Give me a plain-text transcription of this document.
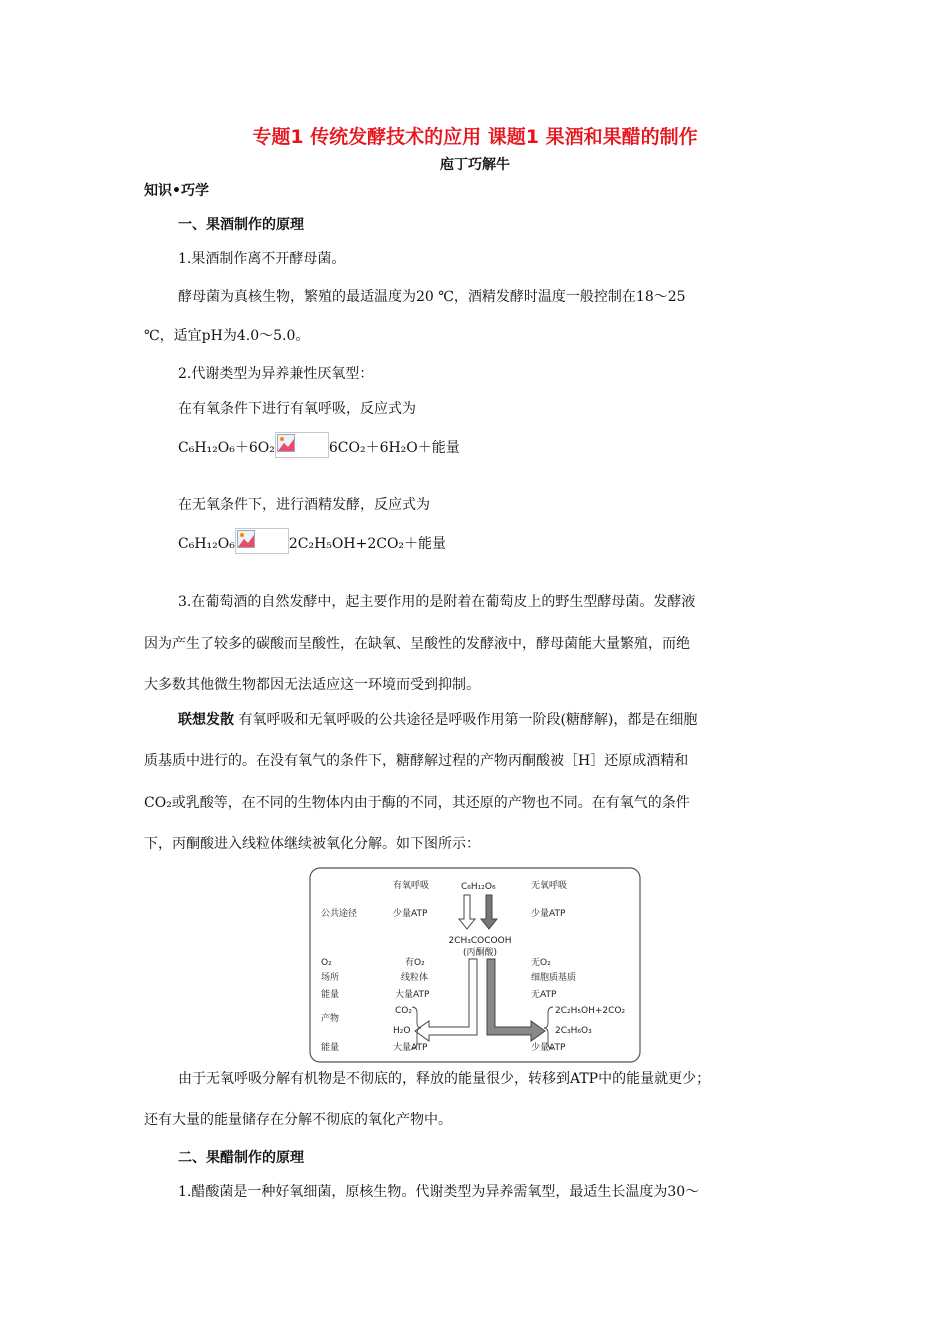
专题1 传统发酵技术的应用 课题1 果酒和果醋的制作
庖丁巧解牛
知识•巧学
一、果酒制作的原理
1.果酒制作离不开酵母菌。
酵母菌为真核生物，繁殖的最适温度为20 ℃，酒精发酵时温度一般控制在18～25
℃，适宜pH为4.0～5.0。
2.代谢类型为异养兼性厌氧型：
在有氧条件下进行有氧呼吸，反应式为
C₆H₁₂O₆＋6O₂	6CO₂＋6H₂O＋能量
在无氧条件下，进行酒精发酵，反应式为
C₆H₁₂O₆	2C₂H₅OH+2CO₂＋能量
3.在葡萄酒的自然发酵中，起主要作用的是附着在葡萄皮上的野生型酵母菌。发酵液
因为产生了较多的碳酸而呈酸性，在缺氧、呈酸性的发酵液中，酵母菌能大量繁殖，而绝
大多数其他微生物都因无法适应这一环境而受到抑制。
联想发散 有氧呼吸和无氧呼吸的公共途径是呼吸作用第一阶段(糖酵解)，都是在细胞
质基质中进行的。在没有氧气的条件下，糖酵解过程的产物丙酮酸被［H］还原成酒精和
CO₂或乳酸等，在不同的生物体内由于酶的不同，其还原的产物也不同。在有氧气的条件
下，丙酮酸进入线粒体继续被氧化分解。如下图所示：
有氧呼吸	C₆H₁₂O₆	无氧呼吸
公共途径	少量ATP	少量ATP
2CH₃COCOOH
(丙酮酸)
O₂
场所
能量
产物
能量
有O₂
线粒体
大量ATP
CO₂
H₂O
大量ATP
无O₂
细胞质基质
无ATP
2C₂H₅OH+2CO₂
2C₃H₆O₃
少量ATP
由于无氧呼吸分解有机物是不彻底的，释放的能量很少，转移到ATP中的能量就更少；
还有大量的能量储存在分解不彻底的氧化产物中。
二、果醋制作的原理
1.醋酸菌是一种好氧细菌，原核生物。代谢类型为异养需氧型，最适生长温度为30～
